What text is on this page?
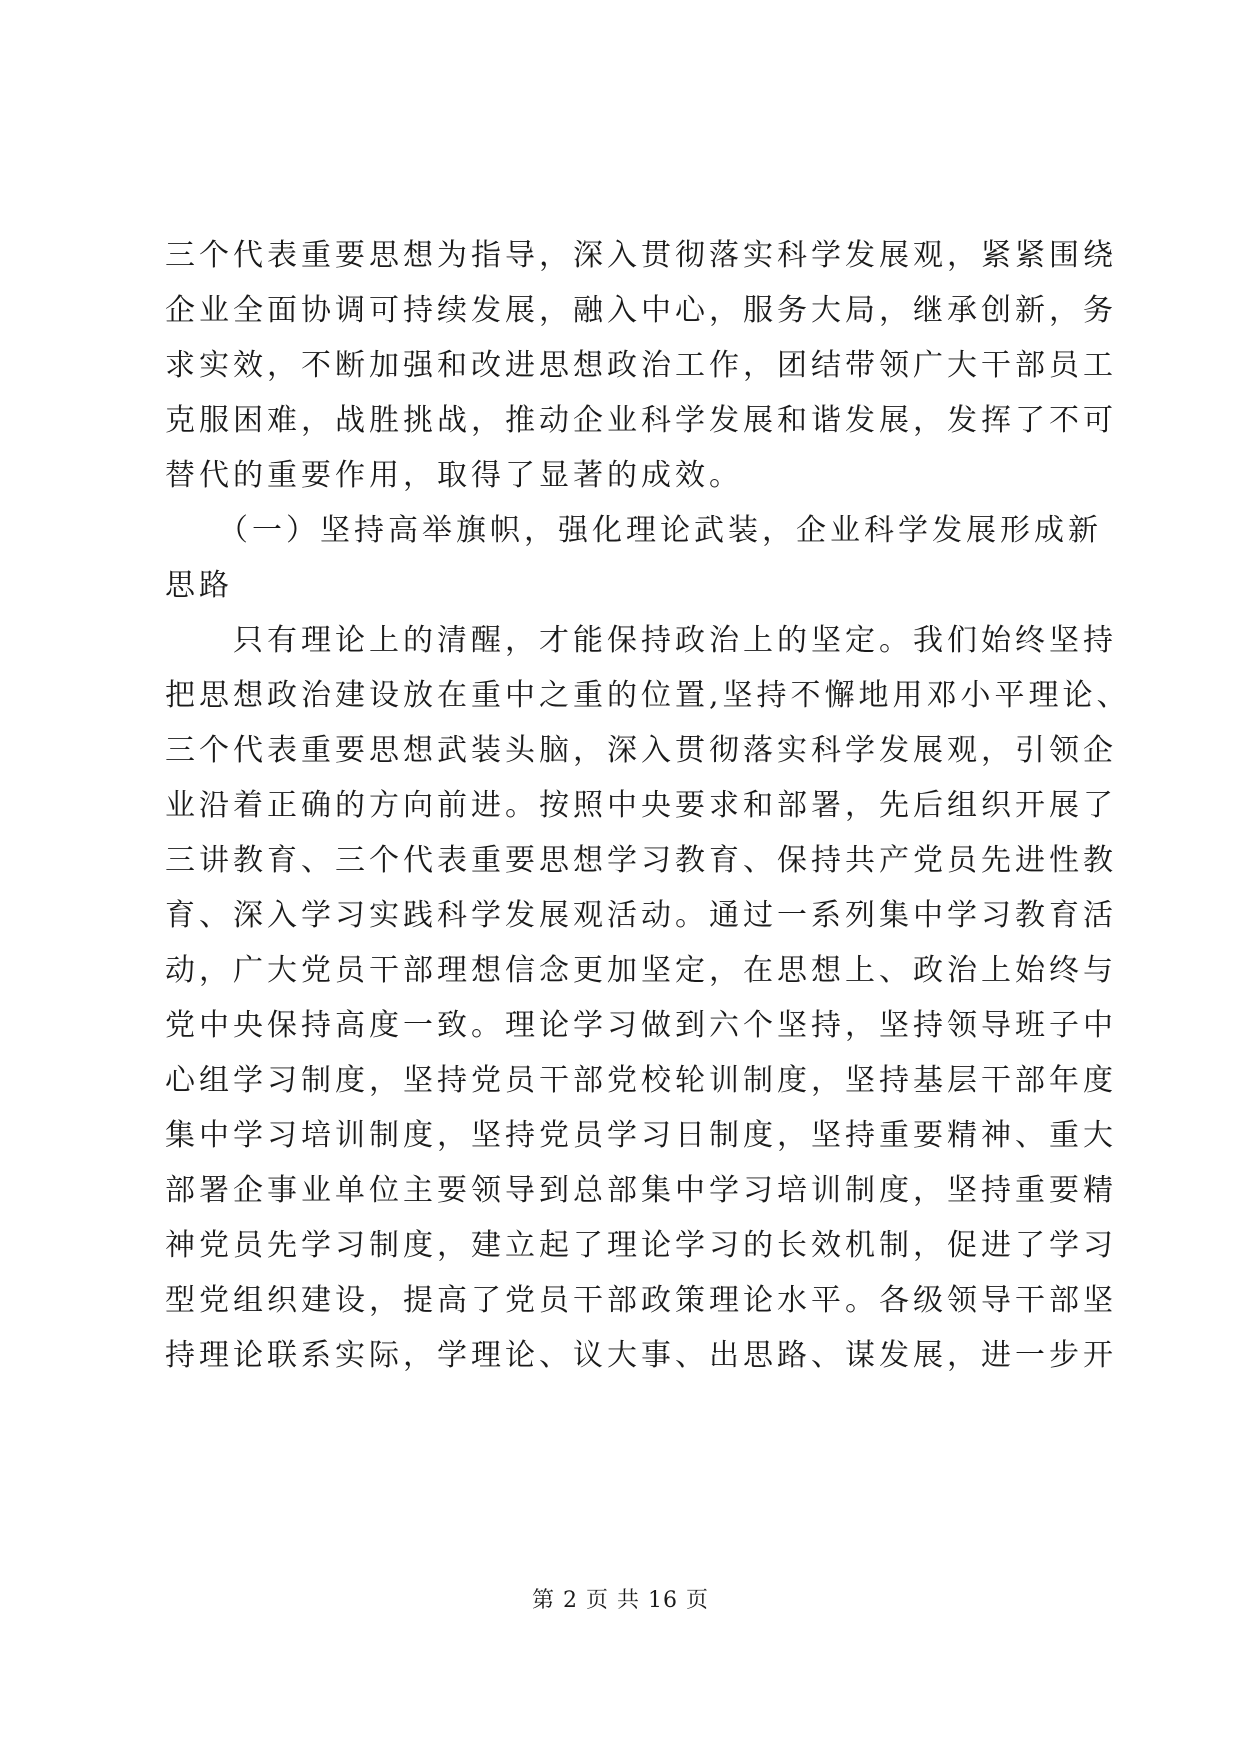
三个代表重要思想为指导，深入贯彻落实科学发展观，紧紧围绕
企业全面协调可持续发展，融入中心，服务大局，继承创新，务
求实效，不断加强和改进思想政治工作，团结带领广大干部员工
克服困难，战胜挑战，推动企业科学发展和谐发展，发挥了不可
替代的重要作用，取得了显著的成效。
　　（一）坚持高举旗帜，强化理论武装，企业科学发展形成新
思路
　　只有理论上的清醒，才能保持政治上的坚定。我们始终坚持
把思想政治建设放在重中之重的位置,坚持不懈地用邓小平理论、
三个代表重要思想武装头脑，深入贯彻落实科学发展观，引领企
业沿着正确的方向前进。按照中央要求和部署，先后组织开展了
三讲教育、三个代表重要思想学习教育、保持共产党员先进性教
育、深入学习实践科学发展观活动。通过一系列集中学习教育活
动，广大党员干部理想信念更加坚定，在思想上、政治上始终与
党中央保持高度一致。理论学习做到六个坚持，坚持领导班子中
心组学习制度，坚持党员干部党校轮训制度，坚持基层干部年度
集中学习培训制度，坚持党员学习日制度，坚持重要精神、重大
部署企事业单位主要领导到总部集中学习培训制度，坚持重要精
神党员先学习制度，建立起了理论学习的长效机制，促进了学习
型党组织建设，提高了党员干部政策理论水平。各级领导干部坚
持理论联系实际，学理论、议大事、出思路、谋发展，进一步开
第 2 页 共 16 页
